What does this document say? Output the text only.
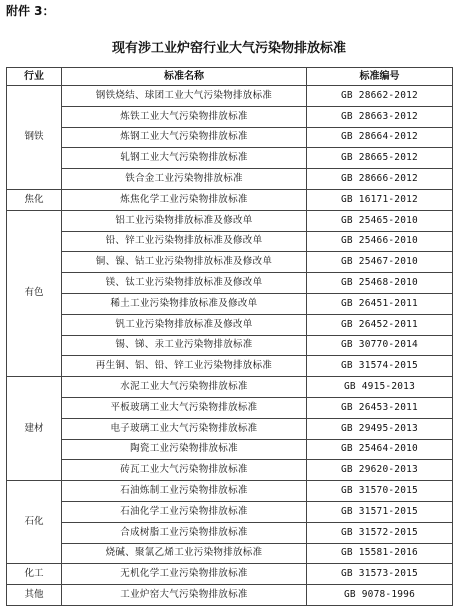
附件 3：
现有涉工业炉窑行业大气污染物排放标准
行业	标准名称	标准编号
钢铁	钢铁烧结、球团工业大气污染物排放标准	GB 28662-2012
	炼铁工业大气污染物排放标准	GB 28663-2012
	炼钢工业大气污染物排放标准	GB 28664-2012
	轧钢工业大气污染物排放标准	GB 28665-2012
	铁合金工业污染物排放标准	GB 28666-2012
焦化	炼焦化学工业污染物排放标准	GB 16171-2012
有色	铝工业污染物排放标准及修改单	GB 25465-2010
	铅、锌工业污染物排放标准及修改单	GB 25466-2010
	铜、镍、钴工业污染物排放标准及修改单	GB 25467-2010
	镁、钛工业污染物排放标准及修改单	GB 25468-2010
	稀土工业污染物排放标准及修改单	GB 26451-2011
	钒工业污染物排放标准及修改单	GB 26452-2011
	锡、锑、汞工业污染物排放标准	GB 30770-2014
	再生铜、铝、铅、锌工业污染物排放标准	GB 31574-2015
建材	水泥工业大气污染物排放标准	GB 4915-2013
	平板玻璃工业大气污染物排放标准	GB 26453-2011
	电子玻璃工业大气污染物排放标准	GB 29495-2013
	陶瓷工业污染物排放标准	GB 25464-2010
	砖瓦工业大气污染物排放标准	GB 29620-2013
石化	石油炼制工业污染物排放标准	GB 31570-2015
	石油化学工业污染物排放标准	GB 31571-2015
	合成树脂工业污染物排放标准	GB 31572-2015
	烧碱、聚氯乙烯工业污染物排放标准	GB 15581-2016
化工	无机化学工业污染物排放标准	GB 31573-2015
其他	工业炉窑大气污染物排放标准	GB 9078-1996
